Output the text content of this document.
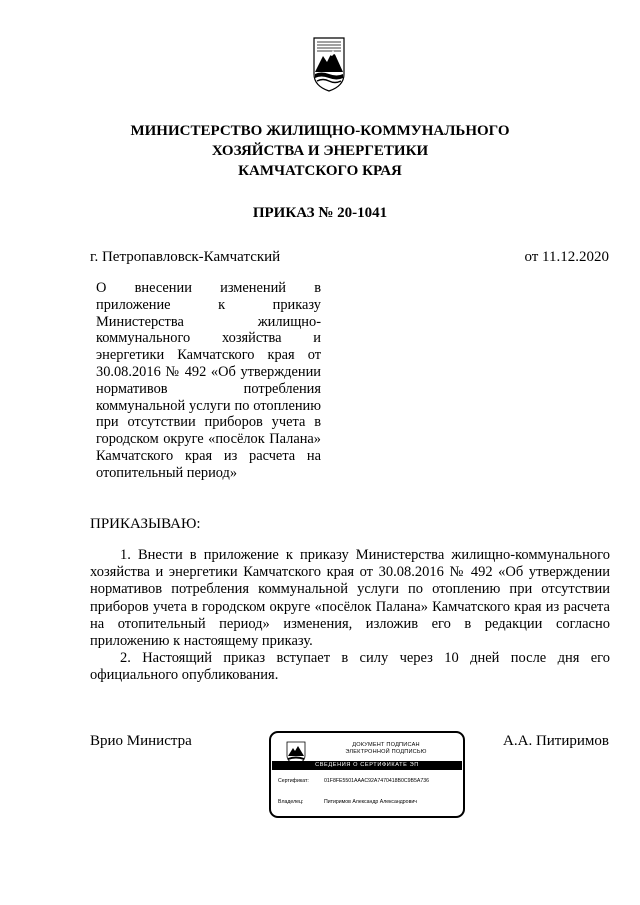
МИНИСТЕРСТВО ЖИЛИЩНО-КОММУНАЛЬНОГО
ХОЗЯЙСТВА И ЭНЕРГЕТИКИ
КАМЧАТСКОГО КРАЯ
ПРИКАЗ № 20-1041
г. Петропавловск-Камчатский	от 11.12.2020
О внесении изменений в приложение к приказу Министерства жилищно-коммунального хозяйства и энергетики Камчатского края от 30.08.2016 № 492 «Об утверждении нормативов потребления коммунальной услуги по отоплению при отсутствии приборов учета в городском округе «посёлок Палана» Камчатского края из расчета на отопительный период»
ПРИКАЗЫВАЮ:

1. Внести в приложение к приказу Министерства жилищно-коммунального хозяйства и энергетики Камчатского края от 30.08.2016 № 492 «Об утверждении нормативов потребления коммунальной услуги по отоплению при отсутствии приборов учета в городском округе «посёлок Палана» Камчатского края из расчета на отопительный период» изменения, изложив его в редакции согласно приложению к настоящему приказу.

2. Настоящий приказ вступает в силу через 10 дней после дня его официального опубликования.

Врио Министра	А.А. Питиримов
ДОКУМЕНТ ПОДПИСАН
ЭЛЕКТРОННОЙ ПОДПИСЬЮ
СВЕДЕНИЯ О СЕРТИФИКАТЕ ЭП
Сертификат:	01F8FE5501AAAC92A7470418B0C9B5A736
Владелец:	Питиримов Александр Александрович
